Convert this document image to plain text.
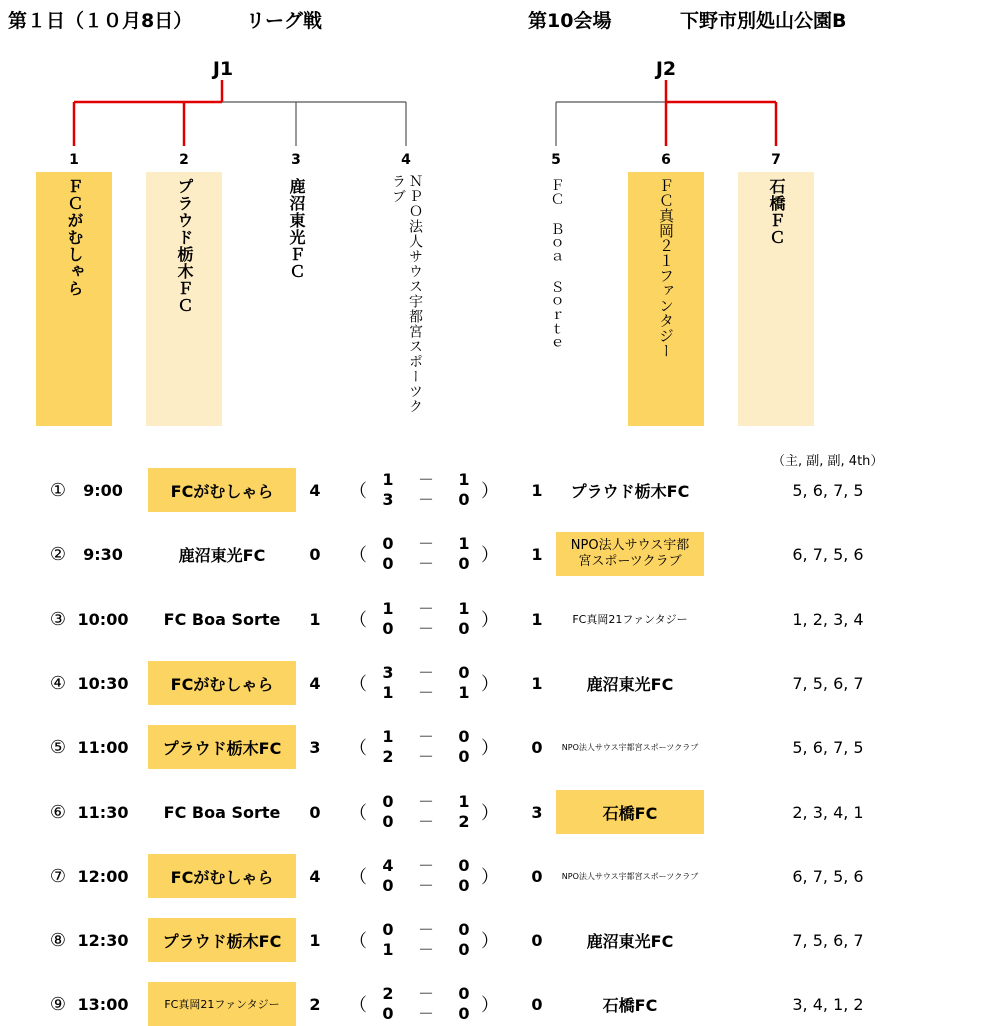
第１日（１０月8日）	リーグ戦	第10会場	下野市別処山公園B
J1	J2
1
ＦＣがむしゃら
2
プラウド栃木ＦＣ
3
鹿沼東光ＦＣ
4
ＮＰＯ法人サウス宇都宮スポーツクラブ
5
ＦＣ Ｂｏａ Ｓｏｒｔｅ
6
ＦＣ真岡２１ファンタジー
7
石橋ＦＣ
（主, 副, 副, 4th）
①	9:00	FCがむしゃら	4	（
1	－	1
3	－	0 ）	1	プラウド栃木FC	5, 6, 7, 5
②	9:30	鹿沼東光FC	0	（
0	－	1
0	－	0 ）	1	NPO法人サウス宇都宮スポーツクラブ	6, 7, 5, 6
③ 10:00 FC Boa Sorte	1	（
1	－	1
0	－	0 ）	1	FC真岡21ファンタジー	1, 2, 3, 4
④ 10:30	FCがむしゃら	4	（
3	－	0
1	－	1 ）	1	鹿沼東光FC	7, 5, 6, 7
⑤ 11:00 プラウド栃木FC	3	（
1	－	0
2	－	0 ）	0	NPO法人サウス宇都宮スポーツクラブ	5, 6, 7, 5
⑥ 11:30 FC Boa Sorte	0	（
0	－	1
0	－	2 ）	3	石橋FC	2, 3, 4, 1
⑦ 12:00	FCがむしゃら	4	（
4	－	0
0	－	0 ）	0	NPO法人サウス宇都宮スポーツクラブ	6, 7, 5, 6
⑧ 12:30 プラウド栃木FC	1	（
0	－	0
1	－	0 ）	0	鹿沼東光FC	7, 5, 6, 7
⑨ 13:00	FC真岡21ファンタジー	2	（
2	－	0
0	－	0 ）	0	石橋FC	3, 4, 1, 2
